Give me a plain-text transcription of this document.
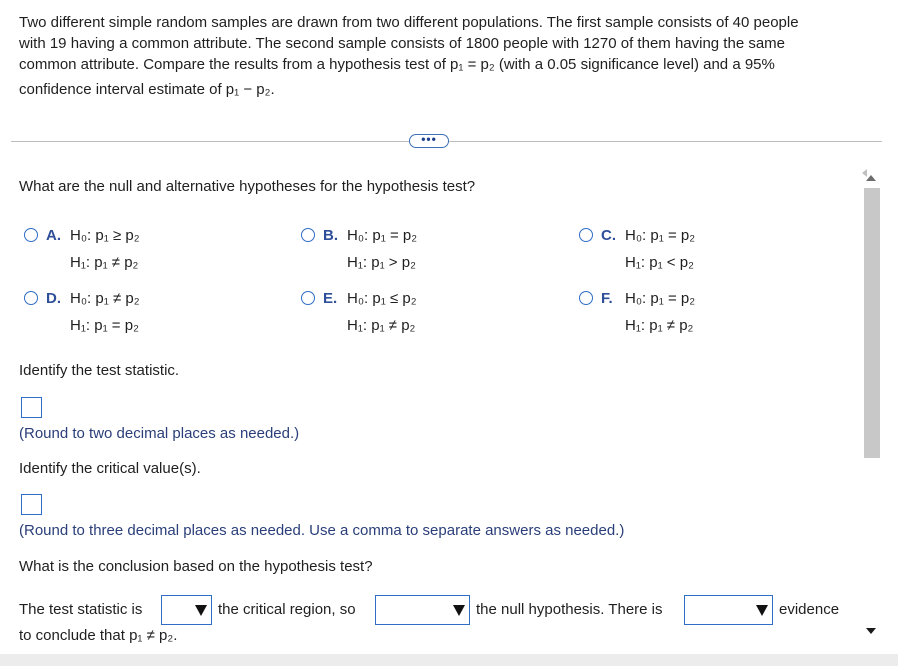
Two different simple random samples are drawn from two different populations. The first sample consists of 40 people
with 19 having a common attribute. The second sample consists of 1800 people with 1270 of them having the same
common attribute. Compare the results from a hypothesis test of p₁ = p₂ (with a 0.05 significance level) and a 95%
confidence interval estimate of p₁ − p₂.
•••
What are the null and alternative hypotheses for the hypothesis test?
A. H₀: p₁ ≥ p₂
H₁: p₁ ≠ p₂
B. H₀: p₁ = p₂
H₁: p₁ > p₂
C. H₀: p₁ = p₂
H₁: p₁ < p₂
D. H₀: p₁ ≠ p₂
H₁: p₁ = p₂
E. H₀: p₁ ≤ p₂
H₁: p₁ ≠ p₂
F. H₀: p₁ = p₂
H₁: p₁ ≠ p₂
Identify the test statistic.
(Round to two decimal places as needed.)
Identify the critical value(s).
(Round to three decimal places as needed. Use a comma to separate answers as needed.)
What is the conclusion based on the hypothesis test?
The test statistic is	the critical region, so	the null hypothesis. There is	evidence
to conclude that p₁ ≠ p₂.
